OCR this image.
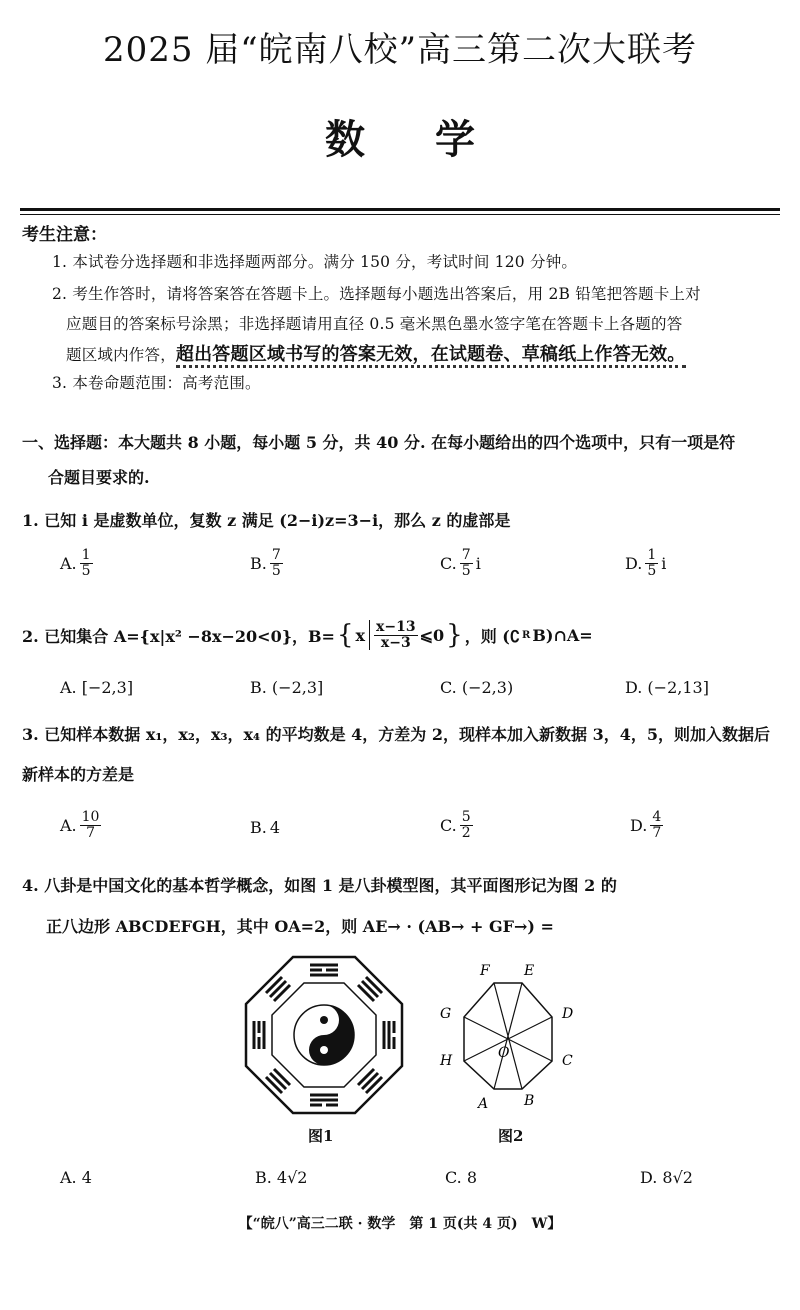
2025 届“皖南八校”高三第二次大联考
数学
考生注意：
1. 本试卷分选择题和非选择题两部分。满分 150 分，考试时间 120 分钟。
2. 考生作答时，请将答案答在答题卡上。选择题每小题选出答案后，用 2B 铅笔把答题卡上对
应题目的答案标号涂黑；非选择题请用直径 0.5 毫米黑色墨水签字笔在答题卡上各题的答
题区域内作答，超出答题区域书写的答案无效，在试题卷、草稿纸上作答无效。
3. 本卷命题范围：高考范围。
一、选择题：本大题共 8 小题，每小题 5 分，共 40 分. 在每小题给出的四个选项中，只有一项是符
合题目要求的.
1. 已知 i 是虚数单位，复数 z 满足 (2−i)z=3−i，那么 z 的虚部是
A. $\frac{1}{5}$	B. $\frac{7}{5}$	C. $\frac{7}{5}$ i	D. $\frac{1}{5}$ i
2. 已知集合 A={x|x² −8x−20<0}，B= { x $\frac{x-13}{x-3}$ ⩽0 } ，则 (∁ R B)∩A=
A. [−2,3]	B. (−2,3]	C. (−2,3)	D. (−2,13]
3. 已知样本数据 x₁，x₂，x₃，x₄ 的平均数是 4，方差为 2，现样本加入新数据 3，4，5，则加入数据后
新样本的方差是
A. $\frac{10}{7}$	B. 4	C. $\frac{5}{2}$	D. $\frac{4}{7}$
4. 八卦是中国文化的基本哲学概念，如图 1 是八卦模型图，其平面图形记为图 2 的
正八边形 ABCDEFGH，其中 OA=2，则 AE→ · (AB→ + GF→) =
图1
A	B
C
D
E
F
G
H	O
图2
A. 4	B. 4√2	C. 8	D. 8√2
【“皖八”高三二联 · 数学　第 1 页(共 4 页)　W】
